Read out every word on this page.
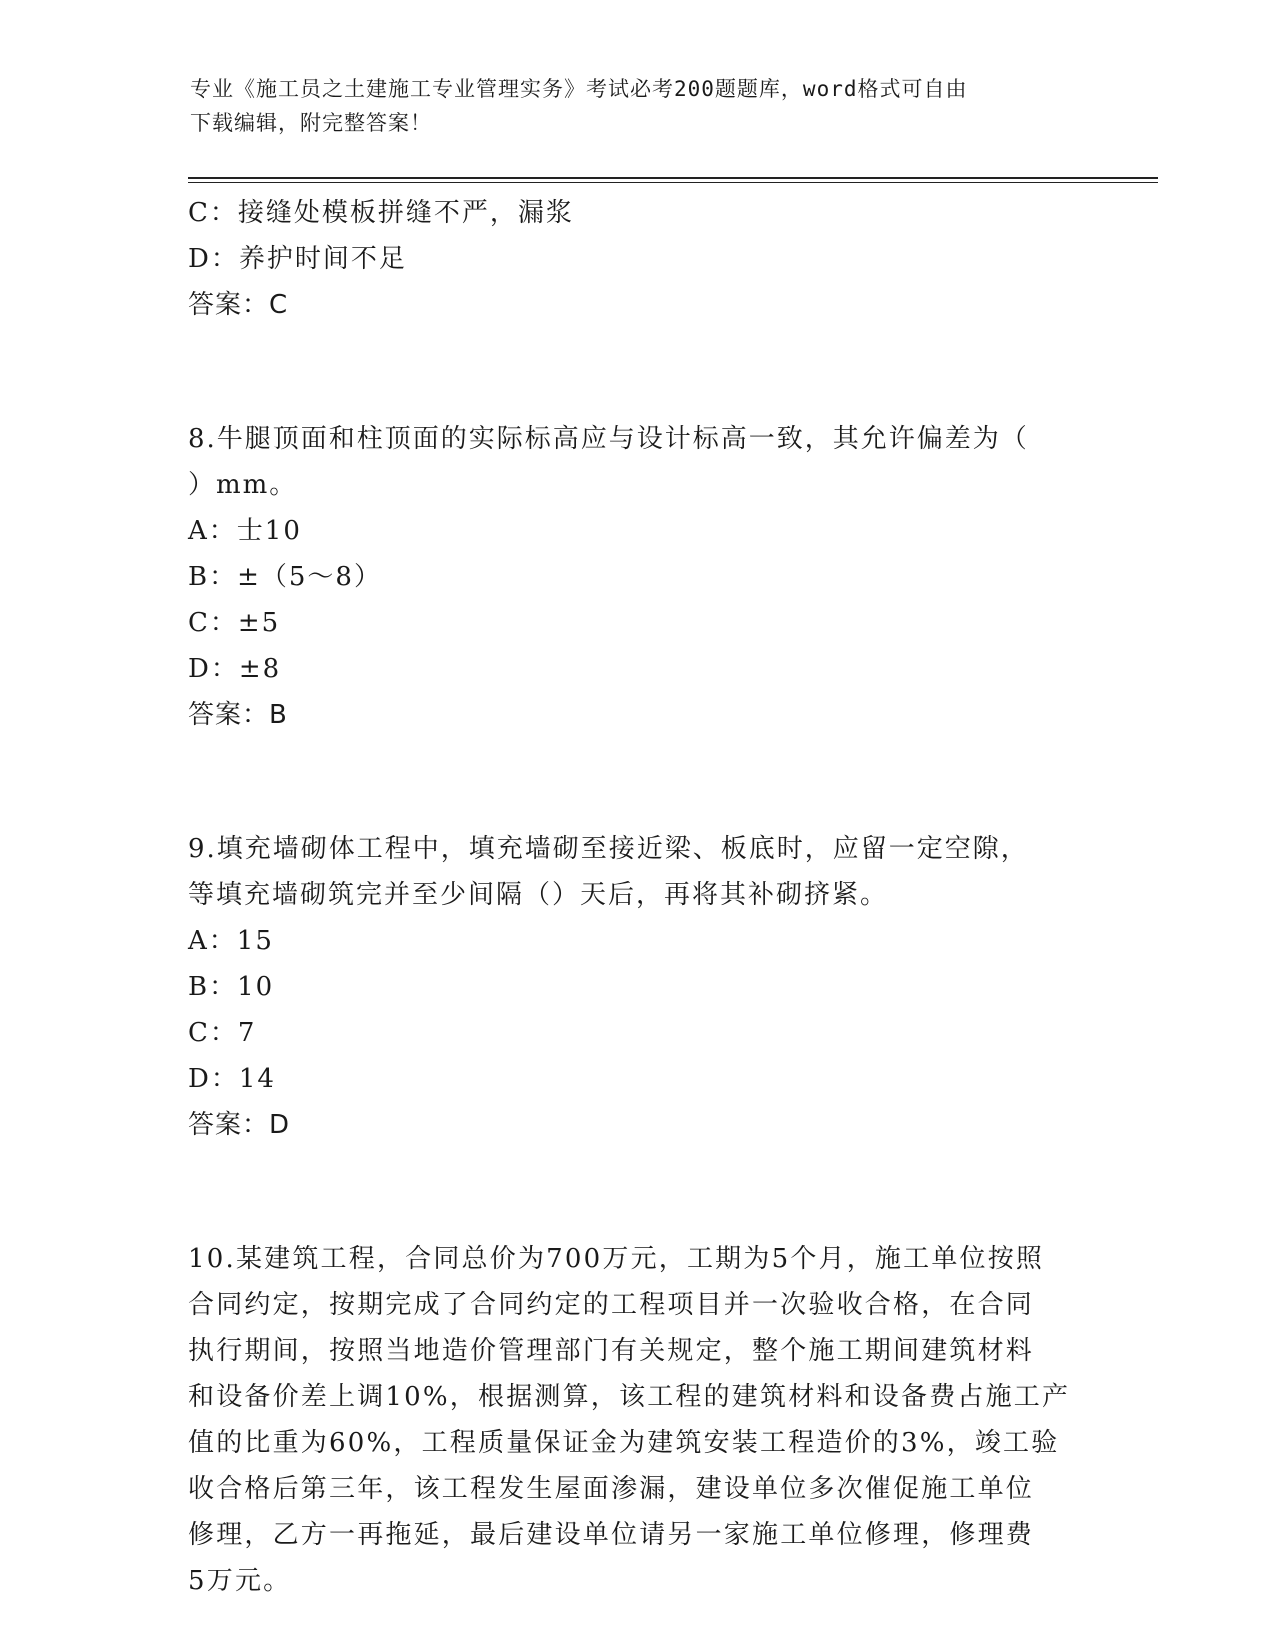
专业《施工员之土建施工专业管理实务》考试必考200题题库，word格式可自由
下载编辑，附完整答案！
C：接缝处模板拼缝不严，漏浆
D：养护时间不足
答案：C
8.牛腿顶面和柱顶面的实际标高应与设计标高一致，其允许偏差为（
）mm。
A：士10
B：±（5～8）
C：±5
D：±8
答案：B
9.填充墙砌体工程中，填充墙砌至接近梁、板底时，应留一定空隙，
等填充墙砌筑完并至少间隔（）天后，再将其补砌挤紧。
A：15
B：10
C：7
D：14
答案：D
10.某建筑工程，合同总价为700万元，工期为5个月，施工单位按照
合同约定，按期完成了合同约定的工程项目并一次验收合格，在合同
执行期间，按照当地造价管理部门有关规定，整个施工期间建筑材料
和设备价差上调10%，根据测算，该工程的建筑材料和设备费占施工产
值的比重为60%，工程质量保证金为建筑安装工程造价的3%，竣工验
收合格后第三年，该工程发生屋面渗漏，建设单位多次催促施工单位
修理，乙方一再拖延，最后建设单位请另一家施工单位修理，修理费
5万元。
